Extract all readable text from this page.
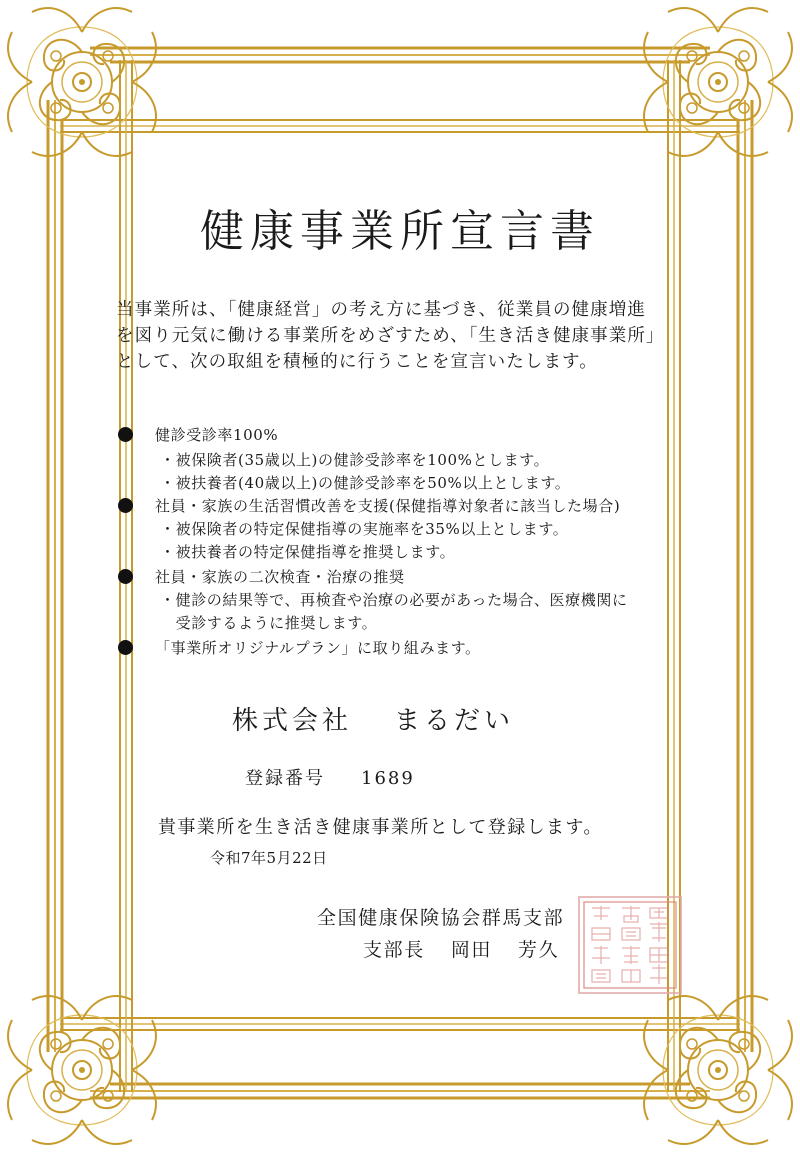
健康事業所宣言書
当事業所は、「健康経営」の考え方に基づき、従業員の健康増進
を図り元気に働ける事業所をめざすため、「生き活き健康事業所」
として、次の取組を積極的に行うことを宣言いたします。
健診受診率100%
・被保険者(35歳以上)の健診受診率を100%とします。
・被扶養者(40歳以上)の健診受診率を50%以上とします。
社員・家族の生活習慣改善を支援(保健指導対象者に該当した場合)
・被保険者の特定保健指導の実施率を35%以上とします。
・被扶養者の特定保健指導を推奨します。
社員・家族の二次検査・治療の推奨
・健診の結果等で、再検査や治療の必要があった場合、医療機関に
　受診するように推奨します。
「事業所オリジナルプラン」に取り組みます。
株式会社 まるだい
登録番号 1689
貴事業所を生き活き健康事業所として登録します。
令和7年5月22日
全国健康保険協会群馬支部
支部長 岡田 芳久
